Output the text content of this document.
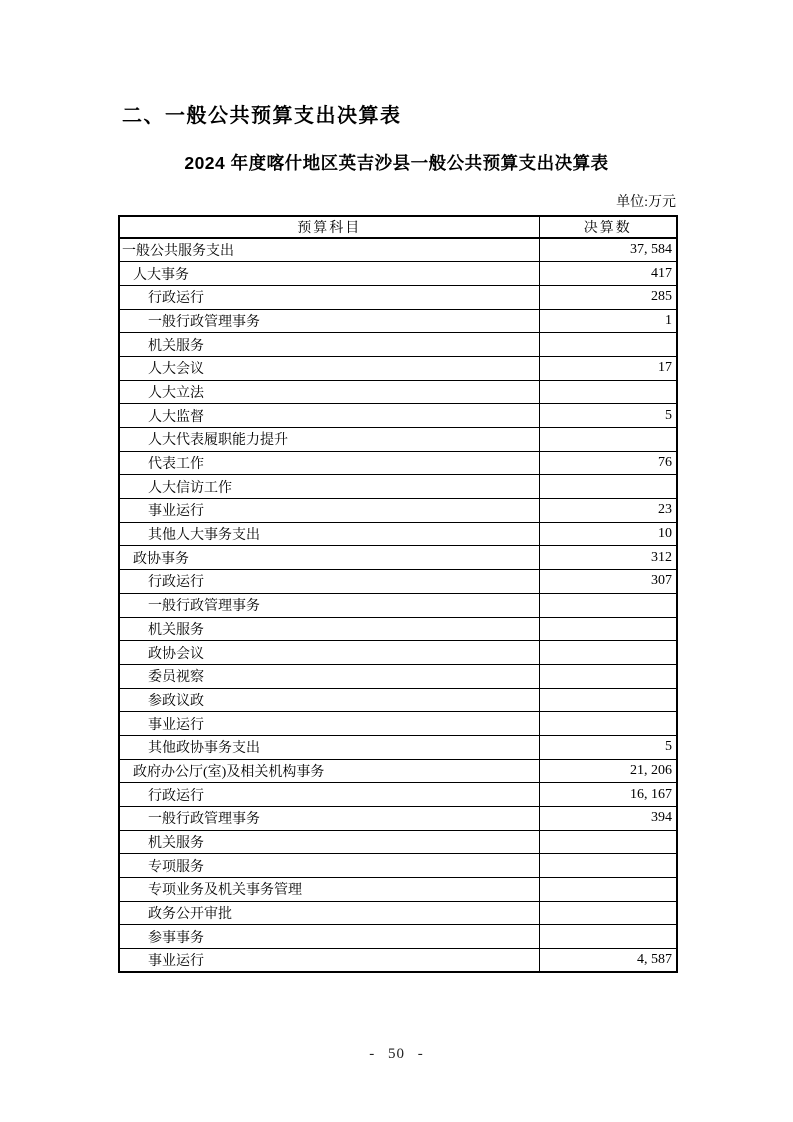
二、一般公共预算支出决算表
2024 年度喀什地区英吉沙县一般公共预算支出决算表
单位:万元
预算科目	决算数
一般公共服务支出	37, 584
人大事务	417
行政运行	285
一般行政管理事务	1
机关服务	
人大会议	17
人大立法	
人大监督	5
人大代表履职能力提升	
代表工作	76
人大信访工作	
事业运行	23
其他人大事务支出	10
政协事务	312
行政运行	307
一般行政管理事务	
机关服务	
政协会议	
委员视察	
参政议政	
事业运行	
其他政协事务支出	5
政府办公厅(室)及相关机构事务	21, 206
行政运行	16, 167
一般行政管理事务	394
机关服务	
专项服务	
专项业务及机关事务管理	
政务公开审批	
参事事务	
事业运行	4, 587
- 50 -
